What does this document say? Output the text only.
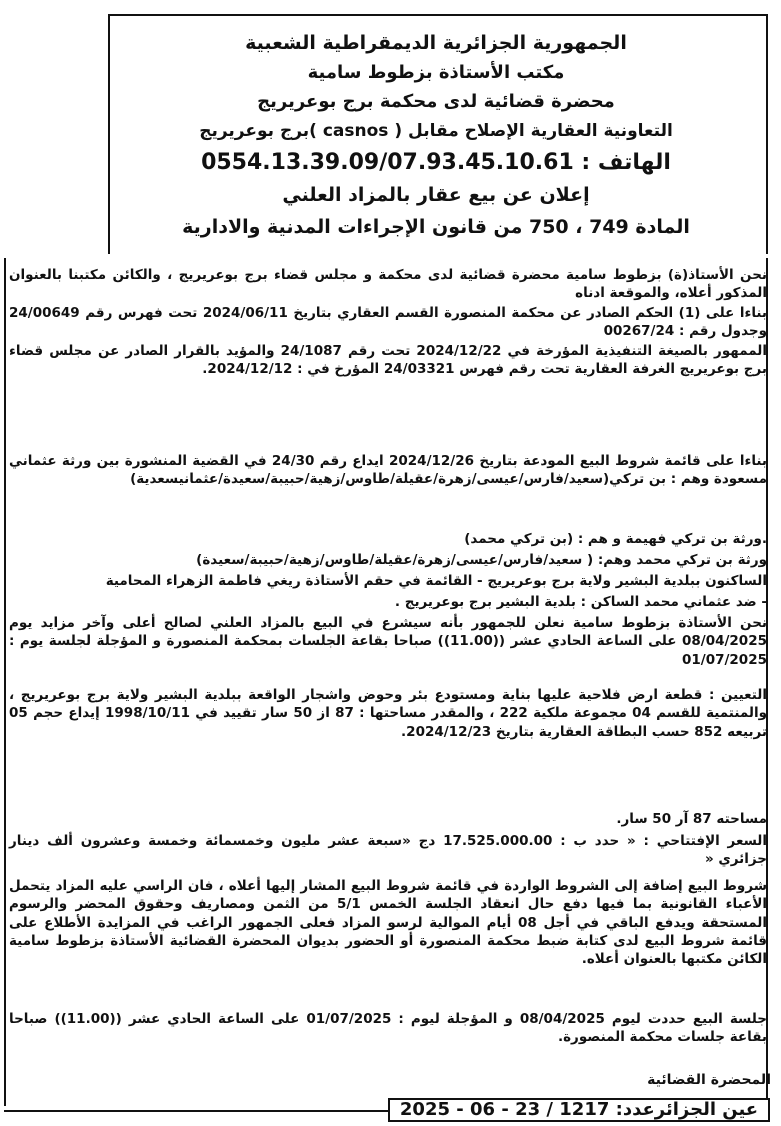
الجمهورية الجزائرية الديمقراطية الشعبية
مكتب الأستاذة بزطوط سامية
محضرة قضائية لدى محكمة برج بوعريريج
التعاونية العقارية الإصلاح مقابل ( casnos )برج بوعريريج
الهاتف : 0554.13.39.09/07.93.45.10.61
إعلان عن بيع عقار بالمزاد العلني
المادة 749 ، 750 من قانون الإجراءات المدنية والادارية

نحن الأستاذ(ة) بزطوط سامية محضرة قضائية لدى محكمة و مجلس قضاء برج بوعريريج ، والكائن مكتبنا بالعنوان المذكور أعلاه، والموقعة ادناه

بناءا على (1) الحكم الصادر عن محكمة المنصورة القسم العقاري بتاريخ 2024/06/11 تحت فهرس رقم 24/00649 وجدول رقم : 00267/24

الممهور بالصيغة التنفيذية المؤرخة في 2024/12/22 تحت رقم 24/1087 والمؤيد بالقرار الصادر عن مجلس قضاء برج بوعريريج الغرفة العقارية تحت رقم فهرس 24/03321 المؤرخ في : 2024/12/12.

بناءا على قائمة شروط البيع المودعة بتاريخ 2024/12/26 ايداع رقم 24/30 في القضية المنشورة بين ورثة عثماني مسعودة وهم : بن تركي(سعيد/فارس/عيسى/زهرة/عقيلة/طاوس/زهية/حبيبة/سعيدة/عثمانيسعدية)

.ورثة بن تركي فهيمة و هم : (بن تركي محمد)

ورثة بن تركي محمد وهم: ( سعيد/فارس/عيسى/زهرة/عقيلة/طاوس/زهية/حبيبة/سعيدة)

الساكنون ببلدية البشير ولاية برج بوعريريج - القائمة في حقم الأستاذة ريغي فاطمة الزهراء المحامية

- ضد عثماني محمد الساكن : بلدية البشير برج بوعريريج .

نحن الأستاذة بزطوط سامية نعلن للجمهور بأنه سيشرع في البيع بالمزاد العلني لصالح أعلى وآخر مزايد يوم 08/04/2025 على الساعة الحادي عشر ((11.00)) صباحا بقاعة الجلسات بمحكمة المنصورة و المؤجلة لجلسة يوم : 01/07/2025

التعيين : قطعة ارض فلاحية عليها بناية ومستودع بئر وحوض واشجار الواقعة ببلدية البشير ولاية برج بوعريريج ، والمنتمية للقسم 04 مجموعة ملكية 222 ، والمقدر مساحتها : 87 از 50 سار تقييد في 1998/10/11 إيداع حجم 05 تربيعه 852 حسب البطاقة العقارية بتاريخ 2024/12/23.

مساحته 87 آر 50 سار.

السعر الإفتتاحي : « حدد ب : 17.525.000.00 دج «سبعة عشر مليون وخمسمائة وخمسة وعشرون ألف دينار جزائري «

شروط البيع إضافة إلى الشروط الواردة في قائمة شروط البيع المشار إليها أعلاه ، فان الراسي عليه المزاد يتحمل الأعباء القانونية بما فيها دفع حال انعقاد الجلسة الخمس 5/1 من الثمن ومصاريف وحقوق المحضر والرسوم المستحقة ويدفع الباقي في أجل 08 أيام الموالية لرسو المزاد فعلى الجمهور الراغب في المزايدة الأطلاع على قائمة شروط البيع لدى كتابة ضبط محكمة المنصورة أو الحضور بديوان المحضرة القضائية الأستاذة بزطوط سامية الكائن مكتبها بالعنوان أعلاه.

جلسة البيع حددت ليوم 08/04/2025 و المؤجلة ليوم : 01/07/2025 على الساعة الحادي عشر ((11.00)) صباحا بقاعة جلسات محكمة المنصورة.

المحضرة القضائية
عين الجزائرعدد: 1217 / 23 - 06 - 2025
